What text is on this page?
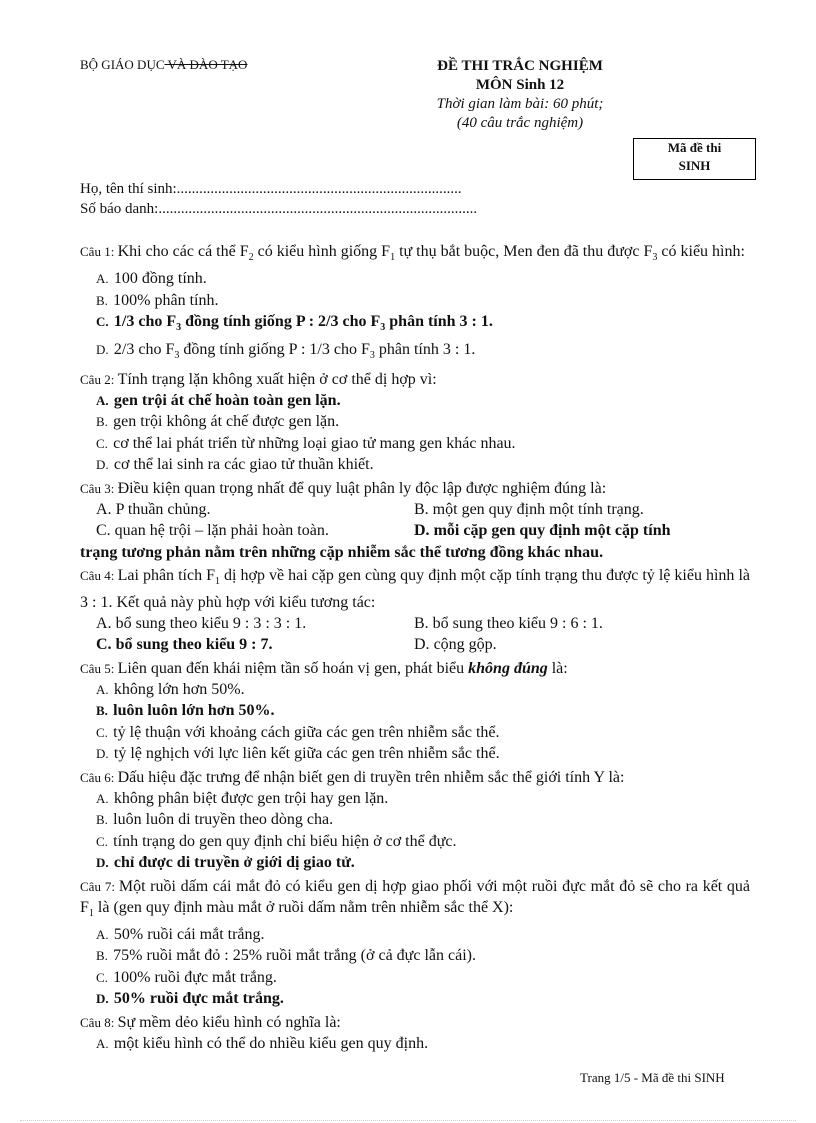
BỘ GIÁO DỤC VÀ ĐÀO TẠO	ĐỀ THI TRẮC NGHIỆM
MÔN Sinh 12
Thời gian làm bài: 60 phút;
(40 câu trắc nghiệm)
Mã đề thi
SINH
Họ, tên thí sinh:............................................................................
Số báo danh:.....................................................................................

Câu 1: Khi cho các cá thể $F_2$ có kiểu hình giống $F_1$ tự thụ bắt buộc, Men đen đã thu được $F_3$ có kiểu hình:

A. 100 đồng tính.
B. 100% phân tính.
C. 1/3 cho $F_3$ đồng tính giống P : 2/3 cho $F_3$ phân tính 3 : 1.
D. 2/3 cho $F_3$ đồng tính giống P : 1/3 cho $F_3$ phân tính 3 : 1.

Câu 2: Tính trạng lặn không xuất hiện ở cơ thể dị hợp vì:

A. gen trội át chế hoàn toàn gen lặn.
B. gen trội không át chế được gen lặn.
C. cơ thể lai phát triển từ những loại giao tử mang gen khác nhau.
D. cơ thể lai sinh ra các giao tử thuần khiết.

Câu 3: Điều kiện quan trọng nhất để quy luật phân ly độc lập được nghiệm đúng là:

A. P thuần chủng.	B. một gen quy định một tính trạng.
C. quan hệ trội – lặn phải hoàn toàn.	D. mỗi cặp gen quy định một cặp tính

trạng tương phản nằm trên những cặp nhiễm sắc thể tương đồng khác nhau.

Câu 4: Lai phân tích $F_1$ dị hợp về hai cặp gen cùng quy định một cặp tính trạng thu được tỷ lệ kiểu hình là 3 : 1. Kết quả này phù hợp với kiểu tương tác:

A. bổ sung theo kiểu 9 : 3 : 3 : 1.	B. bổ sung theo kiểu 9 : 6 : 1.
C. bổ sung theo kiểu 9 : 7.	D. cộng gộp.

Câu 5: Liên quan đến khái niệm tần số hoán vị gen, phát biểu không đúng là:

A. không lớn hơn 50%.
B. luôn luôn lớn hơn 50%.
C. tỷ lệ thuận với khoảng cách giữa các gen trên nhiễm sắc thể.
D. tỷ lệ nghịch với lực liên kết giữa các gen trên nhiễm sắc thể.

Câu 6: Dấu hiệu đặc trưng để nhận biết gen di truyền trên nhiễm sắc thể giới tính Y là:

A. không phân biệt được gen trội hay gen lặn.
B. luôn luôn di truyền theo dòng cha.
C. tính trạng do gen quy định chỉ biểu hiện ở cơ thể đực.
D. chỉ được di truyền ở giới dị giao tử.

Câu 7: Một ruồi dấm cái mắt đỏ có kiểu gen dị hợp giao phối với một ruồi đực mắt đỏ sẽ cho ra kết quả $F_1$ là (gen quy định màu mắt ở ruồi dấm nằm trên nhiễm sắc thể X):

A. 50% ruồi cái mắt trắng.
B. 75% ruồi mắt đỏ : 25% ruồi mắt trắng (ở cả đực lẫn cái).
C. 100% ruồi đực mắt trắng.
D. 50% ruồi đực mắt trắng.

Câu 8: Sự mềm dẻo kiểu hình có nghĩa là:

A. một kiểu hình có thể do nhiều kiểu gen quy định.
Trang 1/5 - Mã đề thi SINH
